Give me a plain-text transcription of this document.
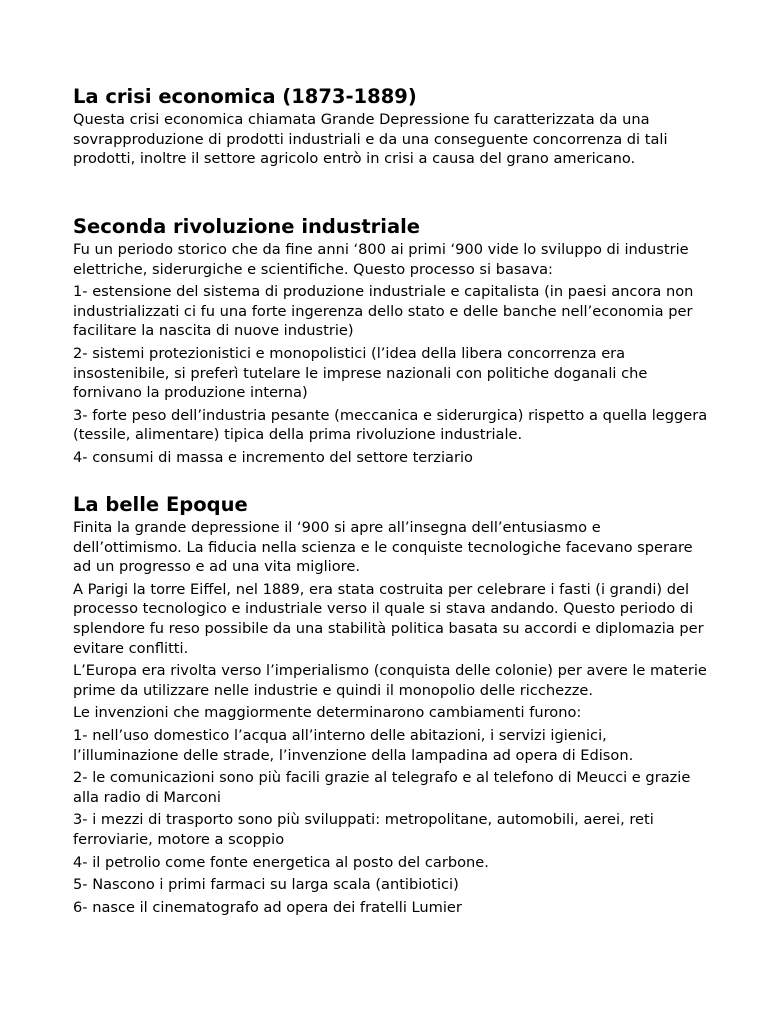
La crisi economica (1873-1889)

Questa crisi economica chiamata Grande Depressione fu caratterizzata da una sovrapproduzione di prodotti industriali e da una conseguente concorrenza di tali prodotti, inoltre il settore agricolo entrò in crisi a causa del grano americano.

Seconda rivoluzione industriale

Fu un periodo storico che da fine anni ‘800 ai primi ‘900 vide lo sviluppo di industrie elettriche, siderurgiche e scientifiche. Questo processo si basava:

1- estensione del sistema di produzione industriale e capitalista (in paesi ancora non industrializzati ci fu una forte ingerenza dello stato e delle banche nell’economia per facilitare la nascita di nuove industrie)

2- sistemi protezionistici e monopolistici (l’idea della libera concorrenza era insostenibile, si preferì tutelare le imprese nazionali con politiche doganali che fornivano la produzione interna)

3- forte peso dell’industria pesante (meccanica e siderurgica) rispetto a quella leggera (tessile, alimentare) tipica della prima rivoluzione industriale.

4- consumi di massa e incremento del settore terziario

La belle Epoque

Finita la grande depressione il ‘900 si apre all’insegna dell’entusiasmo e dell’ottimismo. La fiducia nella scienza e le conquiste tecnologiche facevano sperare ad un progresso e ad una vita migliore.

A Parigi la torre Eiffel, nel 1889, era stata costruita per celebrare i fasti (i grandi) del processo tecnologico e industriale verso il quale si stava andando. Questo periodo di splendore fu reso possibile da una stabilità politica basata su accordi e diplomazia per evitare conflitti.

L’Europa era rivolta verso l’imperialismo (conquista delle colonie) per avere le materie prime da utilizzare nelle industrie e quindi il monopolio delle ricchezze.

Le invenzioni che maggiormente determinarono cambiamenti furono:

1- nell’uso domestico l’acqua all’interno delle abitazioni, i servizi igienici, l’illuminazione delle strade, l’invenzione della lampadina ad opera di Edison.

2- le comunicazioni sono più facili grazie al telegrafo e al telefono di Meucci e grazie alla radio di Marconi

3- i mezzi di trasporto sono più sviluppati: metropolitane, automobili, aerei, reti ferroviarie, motore a scoppio

4- il petrolio come fonte energetica al posto del carbone.

5- Nascono i primi farmaci su larga scala (antibiotici)

6- nasce il cinematografo ad opera dei fratelli Lumier
